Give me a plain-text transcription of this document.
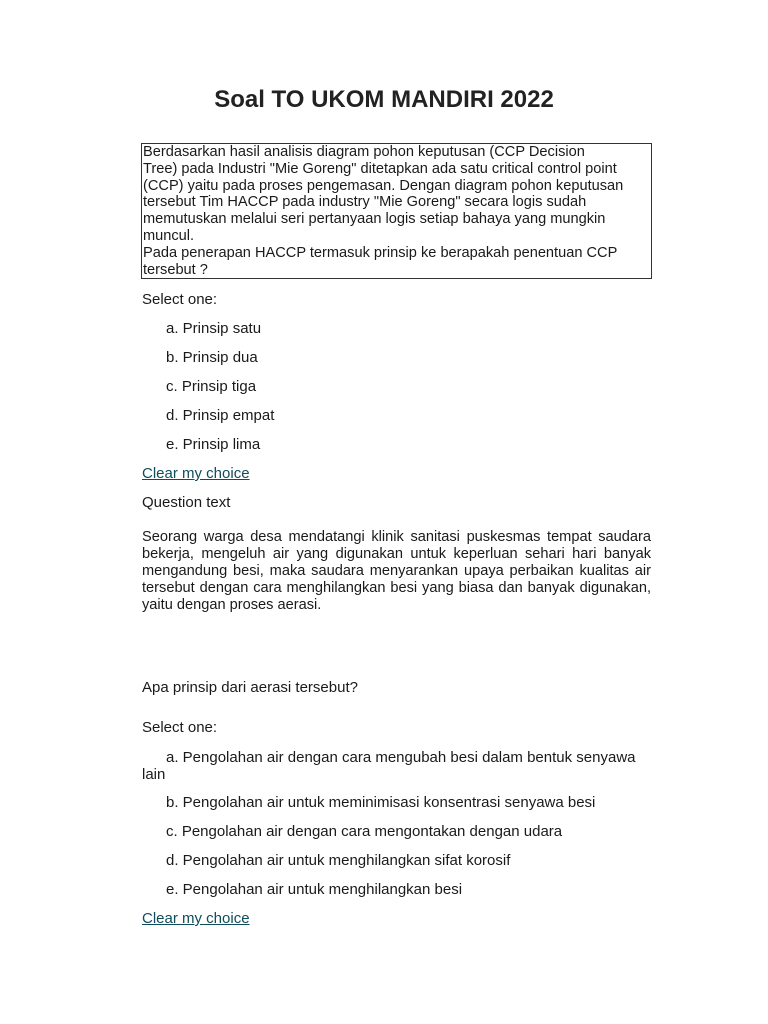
Soal TO UKOM MANDIRI 2022

Berdasarkan hasil analisis diagram pohon keputusan (CCP Decision

Tree) pada Industri "Mie Goreng" ditetapkan ada satu critical control point

(CCP) yaitu pada proses pengemasan. Dengan diagram pohon keputusan

tersebut Tim HACCP pada industry "Mie Goreng" secara logis sudah

memutuskan melalui seri pertanyaan logis setiap bahaya yang mungkin

muncul.

Pada penerapan HACCP termasuk prinsip ke berapakah penentuan CCP

tersebut ?

Select one:
a. Prinsip satu
b. Prinsip dua
c. Prinsip tiga
d. Prinsip empat
e. Prinsip lima
Clear my choice
Question text

Seorang warga desa mendatangi klinik sanitasi puskesmas tempat saudara bekerja, mengeluh air yang digunakan untuk keperluan sehari hari banyak mengandung besi, maka saudara menyarankan upaya perbaikan kualitas air tersebut dengan cara menghilangkan besi yang biasa dan banyak digunakan, yaitu dengan proses aerasi.

Apa prinsip dari aerasi tersebut?
Select one:
a. Pengolahan air dengan cara mengubah besi dalam bentuk senyawa lain
b. Pengolahan air untuk meminimisasi konsentrasi senyawa besi
c. Pengolahan air dengan cara mengontakan dengan udara
d. Pengolahan air untuk menghilangkan sifat korosif
e. Pengolahan air untuk menghilangkan besi
Clear my choice
